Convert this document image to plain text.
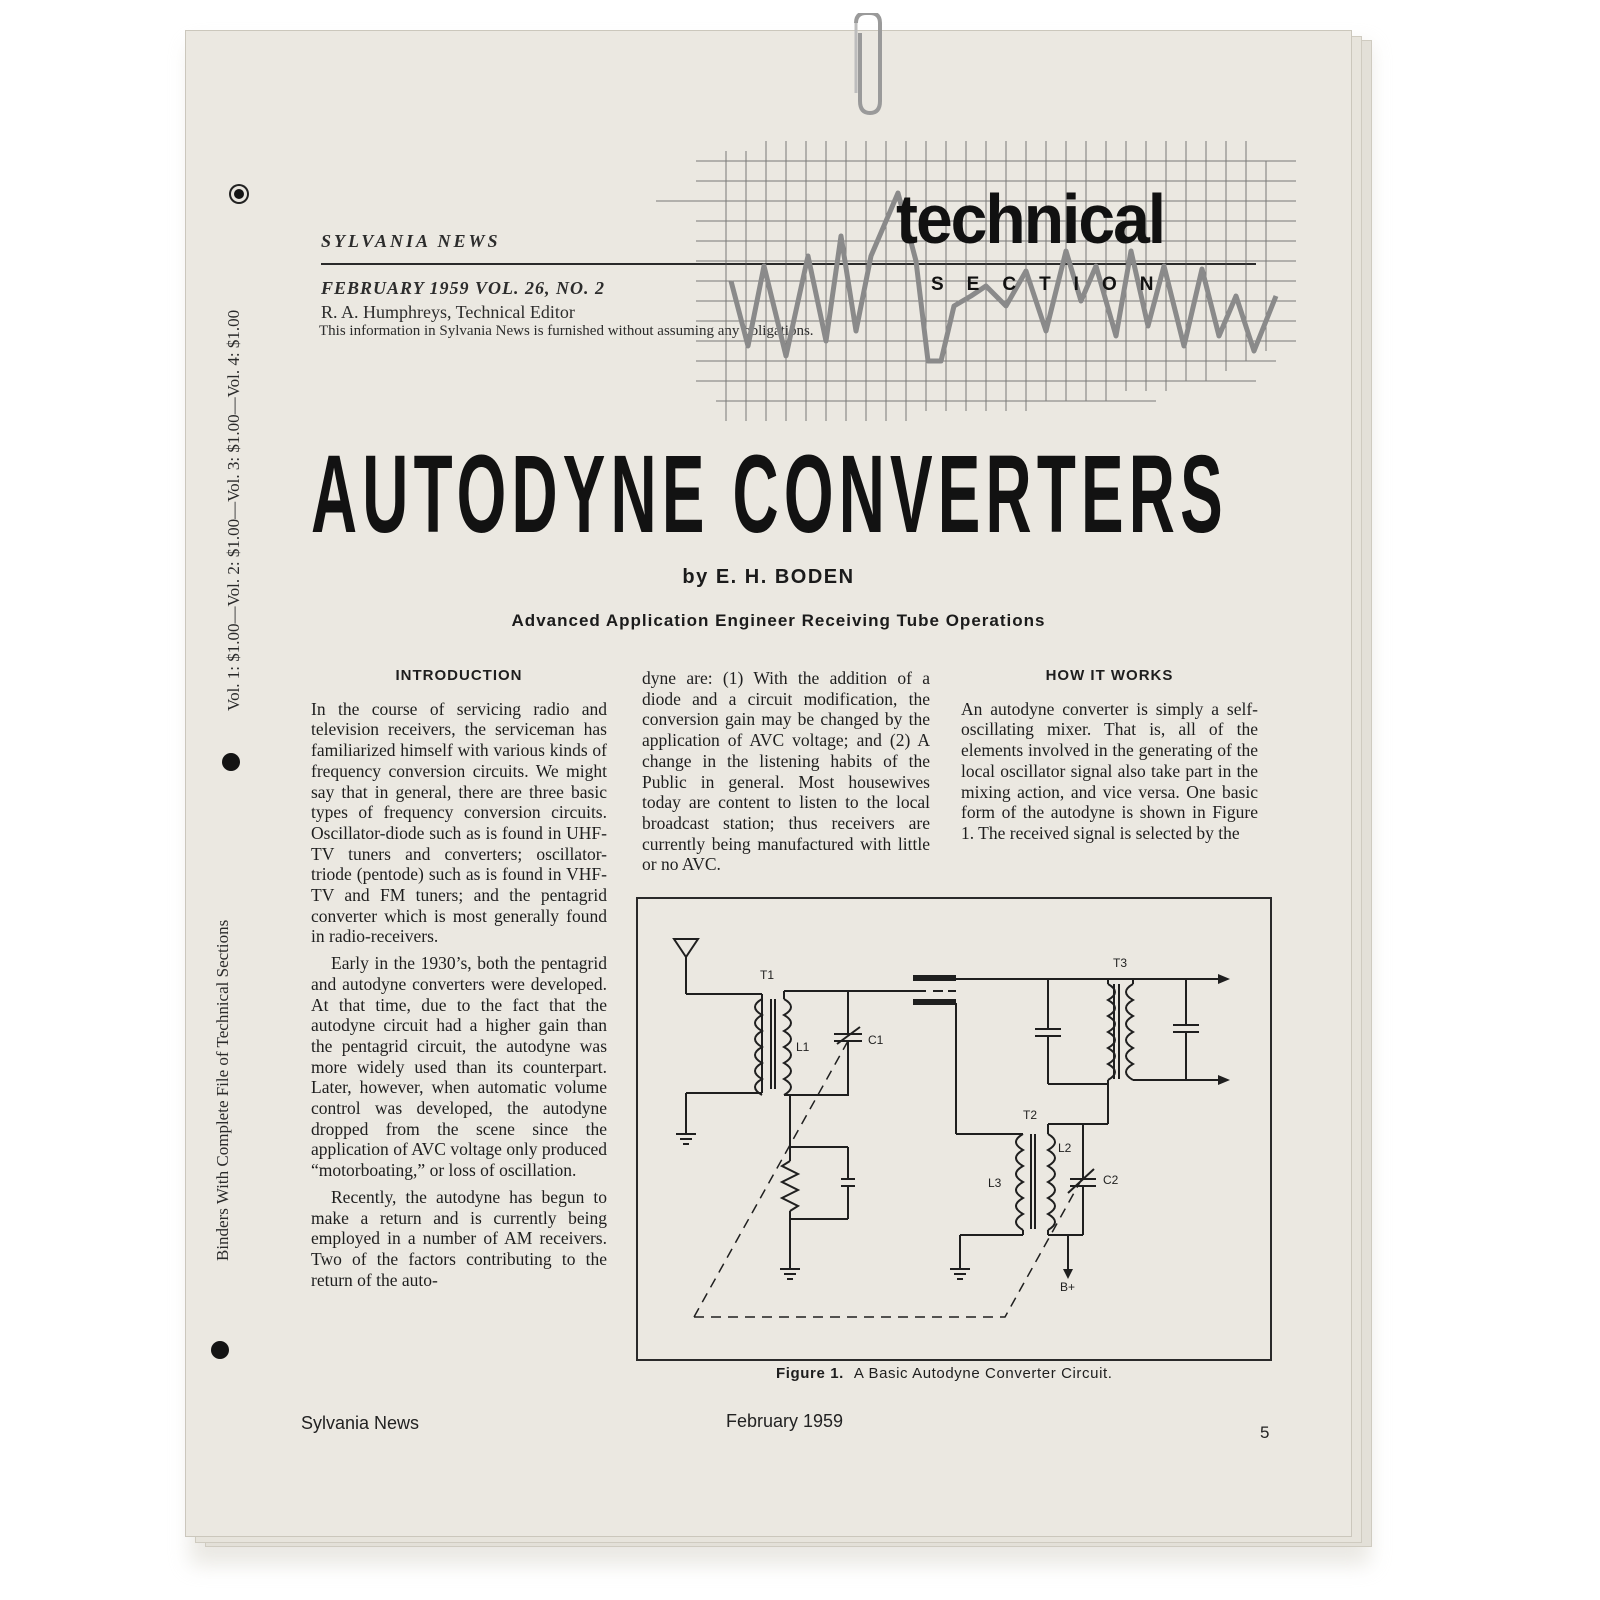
Vol. 1: $1.00—Vol. 2: $1.00—Vol. 3: $1.00—Vol. 4: $1.00
Binders With Complete File of Technical Sections
SYLVANIA NEWS
FEBRUARY 1959 VOL. 26, NO. 2
R. A. Humphreys, Technical Editor
This information in Sylvania News is furnished without assuming any obligations.
technical
SECTION
AUTODYNE CONVERTERS
by E. H. BODEN
Advanced Application Engineer Receiving Tube Operations
INTRODUCTION

In the course of servicing radio and television receivers, the serviceman has familiarized himself with various kinds of frequency conversion circuits. We might say that in general, there are three basic types of frequency conversion circuits. Oscillator-diode such as is found in UHF-TV tuners and converters; oscillator-triode (pentode) such as is found in VHF-TV and FM tuners; and the pentagrid converter which is most generally found in radio-receivers.

Early in the 1930’s, both the pentagrid and autodyne converters were developed. At that time, due to the fact that the autodyne circuit had a higher gain than the pentagrid circuit, the autodyne was more widely used than its counterpart. Later, however, when automatic volume control was developed, the autodyne dropped from the scene since the application of AVC voltage only produced “motorboating,” or loss of oscillation.

Recently, the autodyne has begun to make a return and is currently being employed in a number of AM receivers. Two of the factors contributing to the return of the auto-

dyne are: (1) With the addition of a diode and a circuit modification, the conversion gain may be changed by the application of AVC voltage; and (2) A change in the listening habits of the Public in general. Most housewives today are content to listen to the local broadcast station; thus receivers are currently being manufactured with little or no AVC.

HOW IT WORKS

An autodyne converter is simply a self-oscillating mixer. That is, all of the elements involved in the generating of the local oscillator signal also take part in the mixing action, and vice versa. One basic form of the autodyne is shown in Figure 1. The received signal is selected by the

T1
T3
T2
L1
L2
L3
C1
C2
B+
Figure 1. A Basic Autodyne Converter Circuit.
Sylvania News	February 1959
5
